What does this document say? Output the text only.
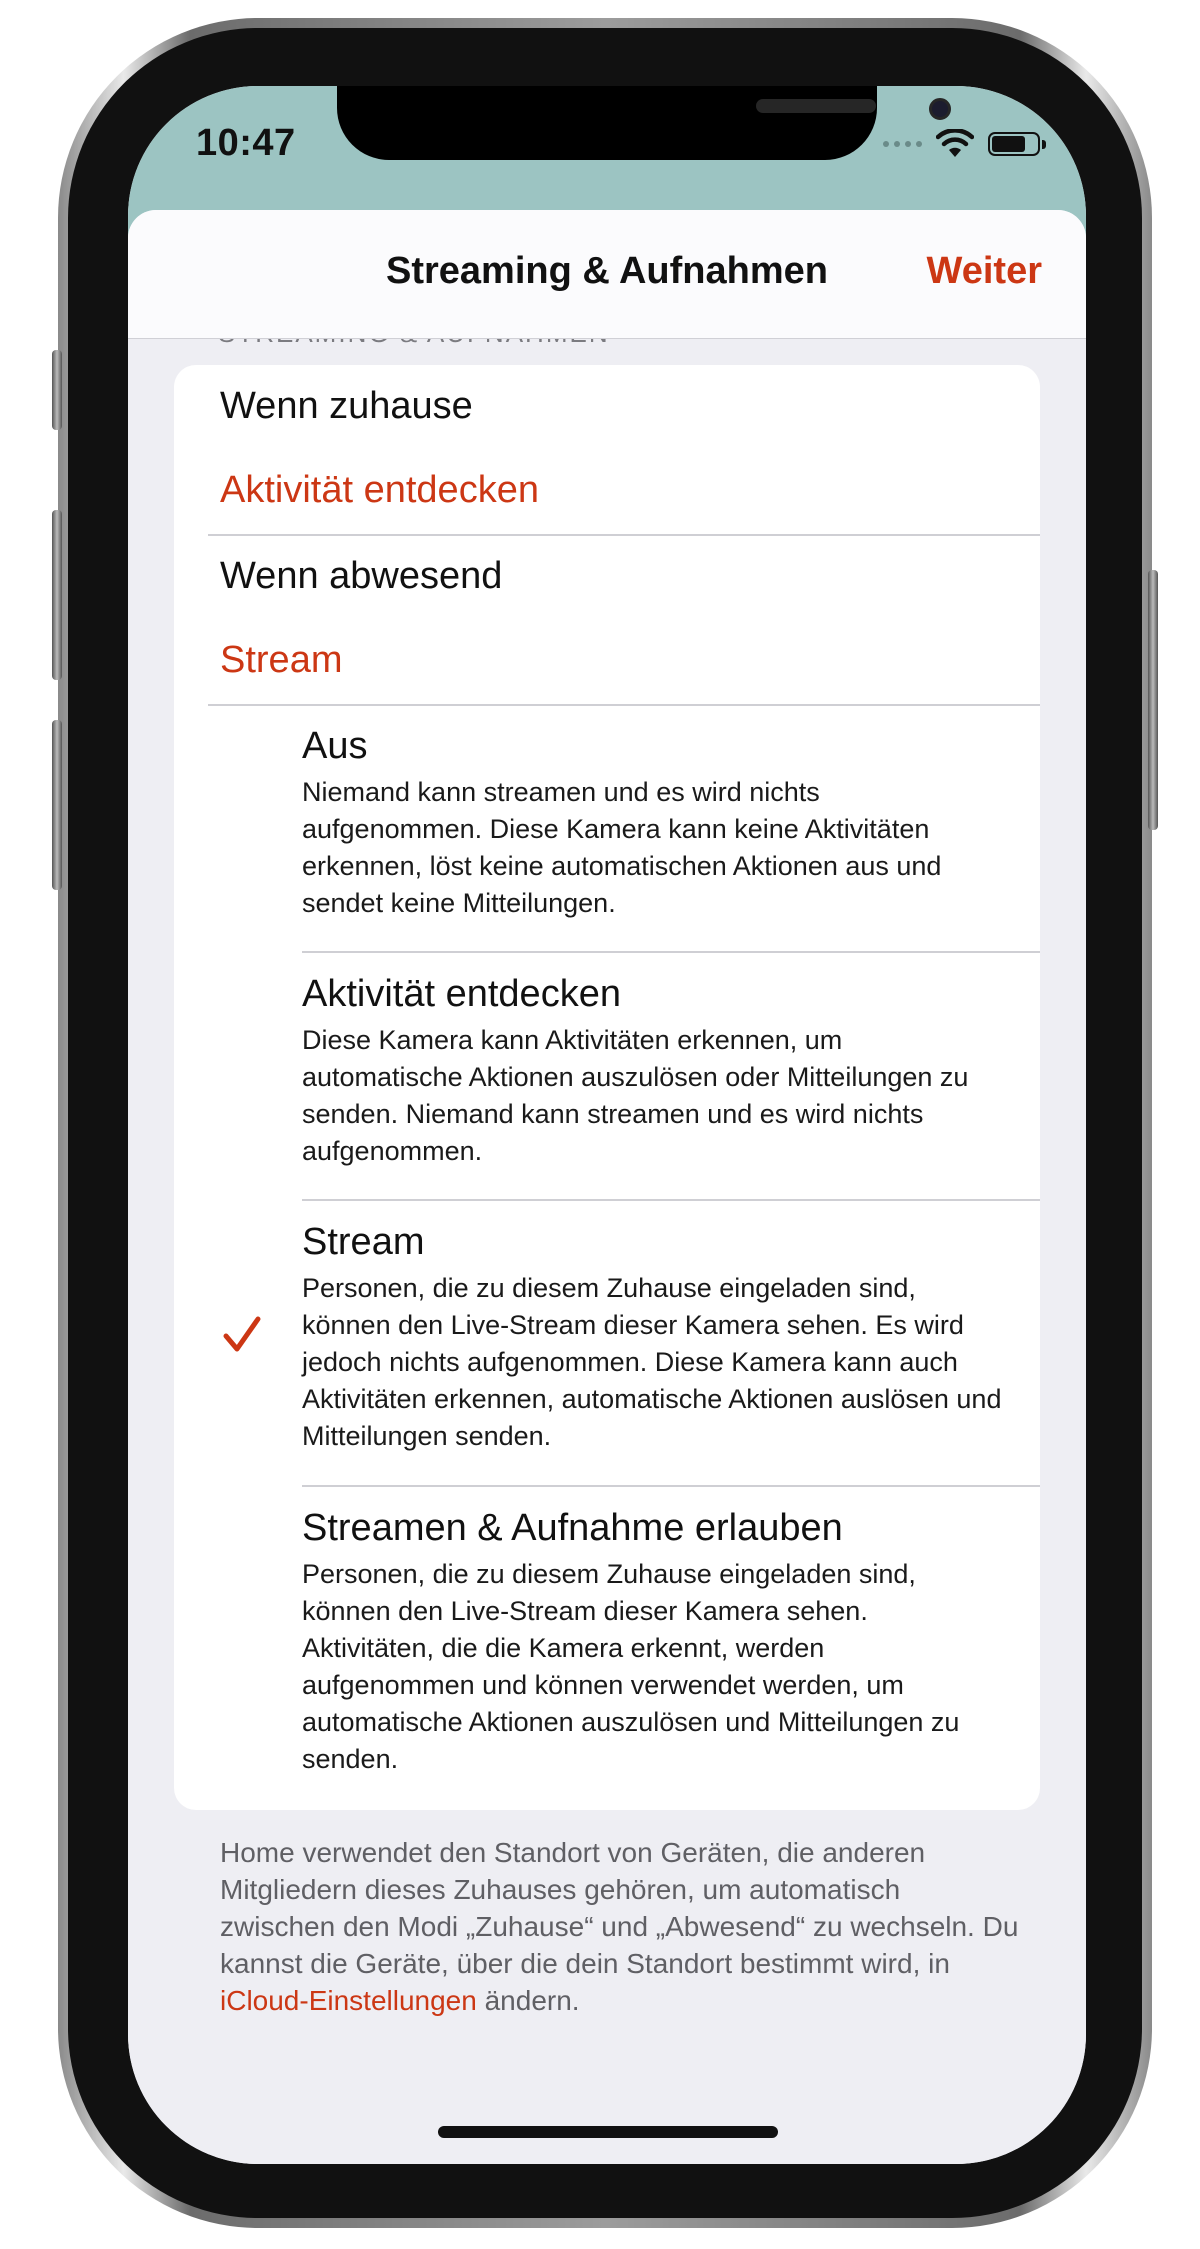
10:47
Streaming & Aufnahmen	Weiter
Wenn zuhause
Aktivität entdecken
Wenn abwesend
Stream
Aus
Niemand kann streamen und es wird nichts aufgenommen. Diese Kamera kann keine Aktivitäten erkennen, löst keine automatischen Aktionen aus und sendet keine Mitteilungen.
Aktivität entdecken
Diese Kamera kann Aktivitäten erkennen, um automatische Aktionen auszulösen oder Mitteilungen zu senden. Niemand kann streamen und es wird nichts aufgenommen.
Stream
Personen, die zu diesem Zuhause eingeladen sind, können den Live-Stream dieser Kamera sehen. Es wird jedoch nichts aufgenommen. Diese Kamera kann auch Aktivitäten erkennen, automatische Aktionen auslösen und Mitteilungen senden.
Streamen & Aufnahme erlauben
Personen, die zu diesem Zuhause eingeladen sind, können den Live-Stream dieser Kamera sehen. Aktivitäten, die die Kamera erkennt, werden aufgenommen und können verwendet werden, um automatische Aktionen auszulösen und Mitteilungen zu senden.
Home verwendet den Standort von Geräten, die anderen Mitgliedern dieses Zuhauses gehören, um automatisch zwischen den Modi „Zuhause“ und „Abwesend“ zu wechseln. Du kannst die Geräte, über die dein Standort bestimmt wird, in iCloud-Einstellungen ändern.
